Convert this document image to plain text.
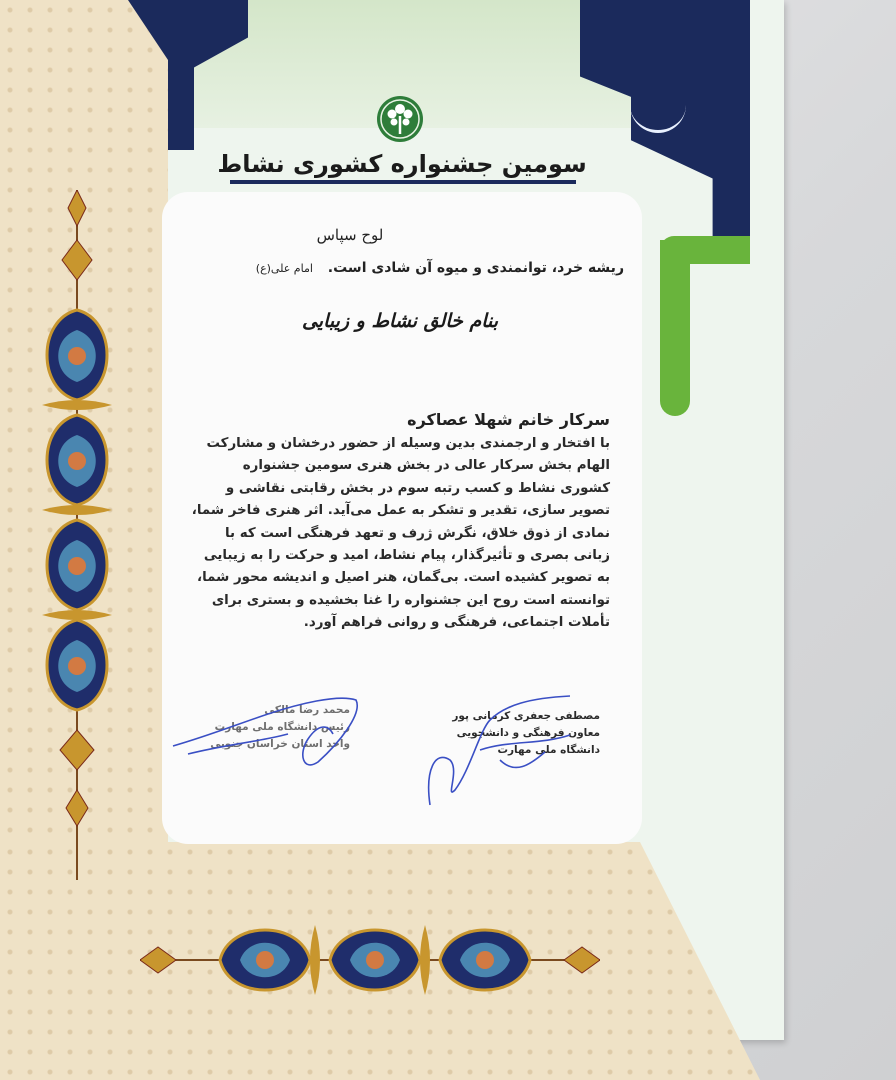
سومین جشنواره کشوری نشاط
لوح سپاس
ریشه خرد، توانمندی و میوه آن شادی است. امام علی(ع)
بنام خالق نشاط و زیبایی
سرکار خانم شهلا عصاکره
با افتخار و ارجمندی بدین وسیله از حضور درخشان و مشارکت الهام بخش سرکار عالی در بخش هنری سومین جشنواره کشوری نشاط و کسب رتبه سوم در بخش رقابتی نقاشی و تصویر سازی، تقدیر و تشکر به عمل می‌آید. اثر هنری فاخر شما، نمادی از ذوق خلاق، نگرش ژرف و تعهد فرهنگی است که با زبانی بصری و تأثیرگذار، پیام نشاط، امید و حرکت را به زیبایی به تصویر کشیده است. بی‌گمان، هنر اصیل و اندیشه محور شما، توانسته است روح این جشنواره را غنا بخشیده و بستری برای تأملات اجتماعی، فرهنگی و روانی فراهم آورد.
محمد رضا مالکی
رئیس دانشگاه ملی مهارت
واحد استان خراسان جنوبی
مصطفی جعفری کرمانی پور
معاون فرهنگی و دانشجویی
دانشگاه ملی مهارت
